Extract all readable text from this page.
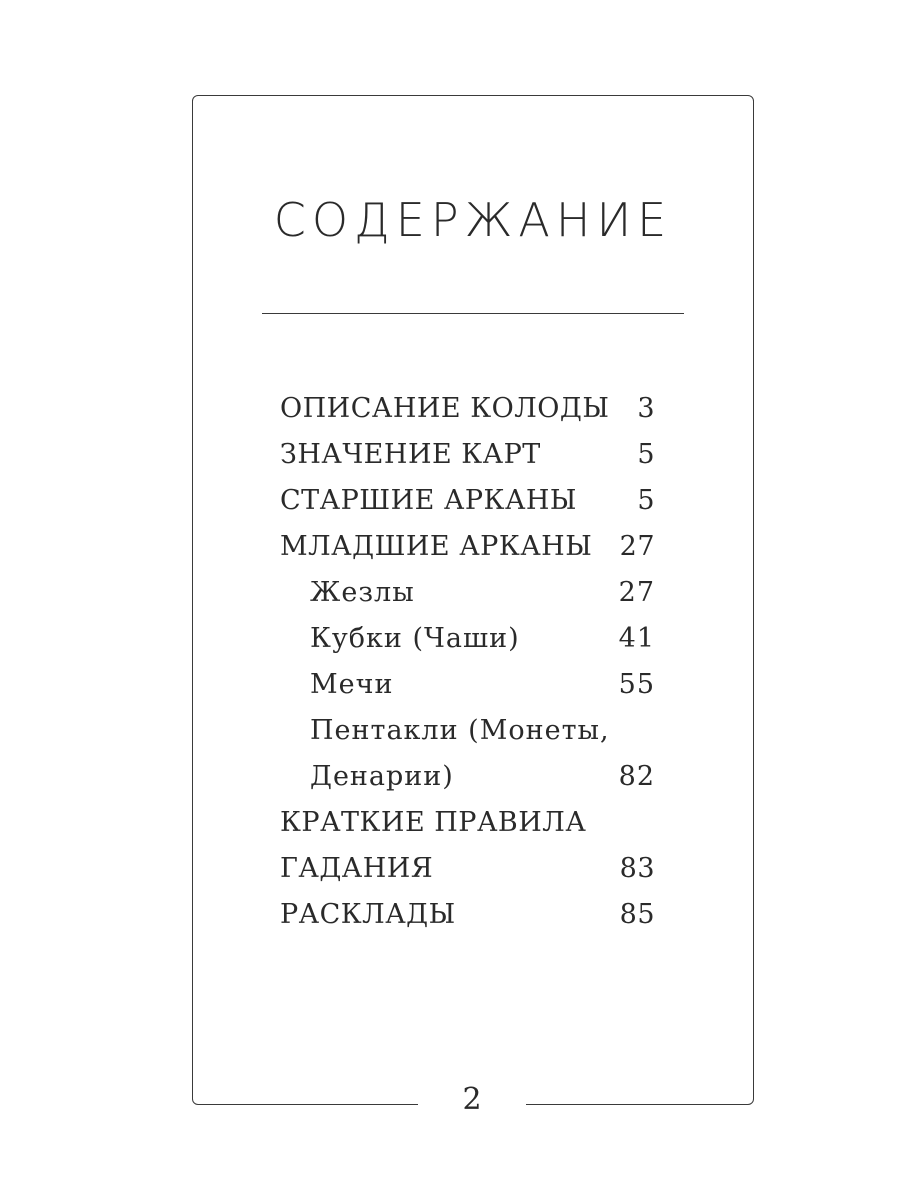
СОДЕРЖАНИЕ
ОПИСАНИЕ КОЛОДЫ 3
ЗНАЧЕНИЕ КАРТ	5
СТАРШИЕ АРКАНЫ 5
МЛАДШИЕ АРКАНЫ 27
Жезлы	27
Кубки (Чаши)	41
Мечи	55
Пентакли (Монеты,
Денарии)	82
КРАТКИЕ ПРАВИЛА
ГАДАНИЯ	83
РАСКЛАДЫ	85
2
